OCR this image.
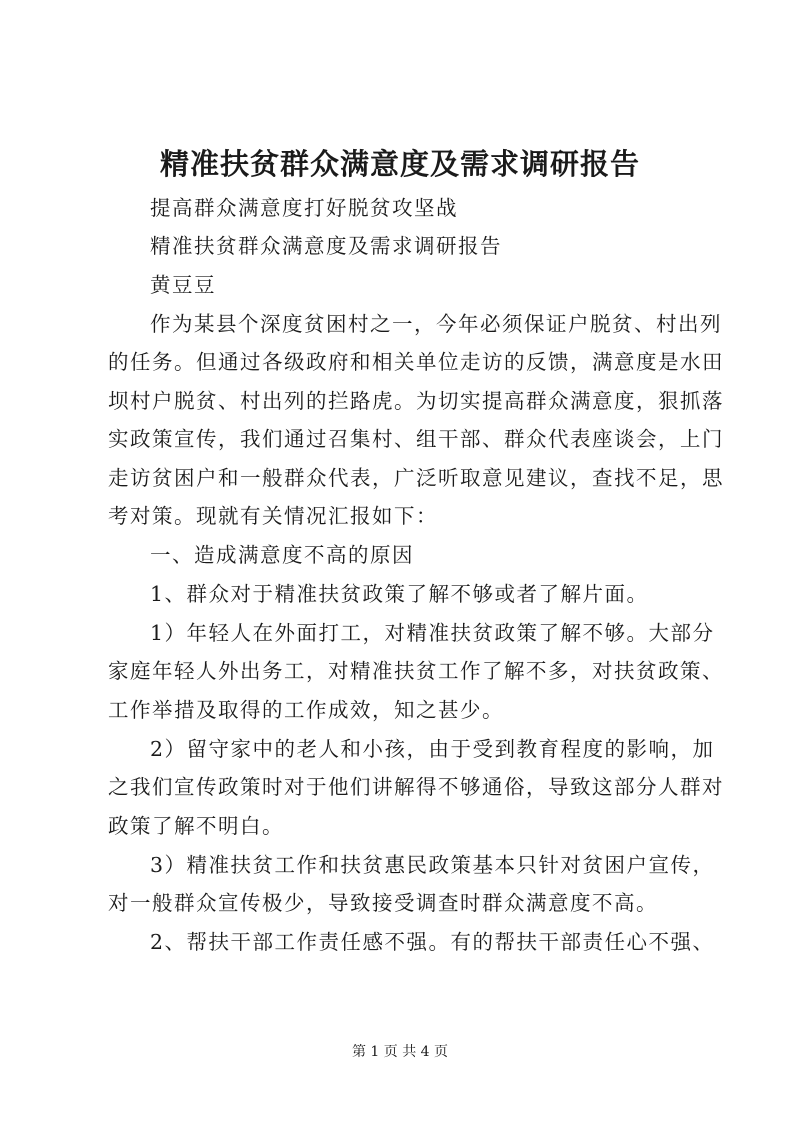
精准扶贫群众满意度及需求调研报告
提高群众满意度打好脱贫攻坚战
精准扶贫群众满意度及需求调研报告
黄豆豆
作为某县个深度贫困村之一，今年必须保证户脱贫、村出列
的任务。但通过各级政府和相关单位走访的反馈，满意度是水田
坝村户脱贫、村出列的拦路虎。为切实提高群众满意度，狠抓落
实政策宣传，我们通过召集村、组干部、群众代表座谈会，上门
走访贫困户和一般群众代表，广泛听取意见建议，查找不足，思
考对策。现就有关情况汇报如下：
一、造成满意度不高的原因
1、群众对于精准扶贫政策了解不够或者了解片面。
1）年轻人在外面打工，对精准扶贫政策了解不够。大部分
家庭年轻人外出务工，对精准扶贫工作了解不多，对扶贫政策、
工作举措及取得的工作成效，知之甚少。
2）留守家中的老人和小孩，由于受到教育程度的影响，加
之我们宣传政策时对于他们讲解得不够通俗，导致这部分人群对
政策了解不明白。
3）精准扶贫工作和扶贫惠民政策基本只针对贫困户宣传，
对一般群众宣传极少，导致接受调查时群众满意度不高。
2、帮扶干部工作责任感不强。有的帮扶干部责任心不强、
第 1 页 共 4 页
